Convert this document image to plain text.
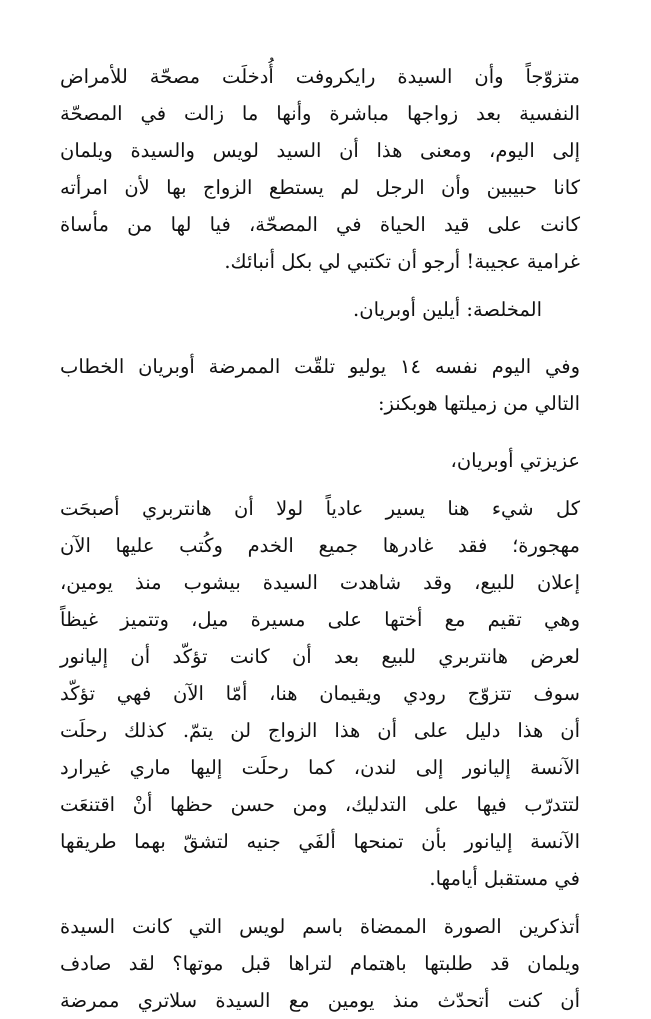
متزوّجاً وأن السيدة رايكروفت أُدخلَت مصحّة للأمراض

النفسية بعد زواجها مباشرة وأنها ما زالت في المصحّة

إلى اليوم، ومعنى هذا أن السيد لويس والسيدة ويلمان

كانا حبيبين وأن الرجل لم يستطع الزواج بها لأن امرأته

كانت على قيد الحياة في المصحّة، فيا لها من مأساة

غرامية عجيبة! أرجو أن تكتبي لي بكل أنبائك.

المخلصة: أيلين أوبريان.

وفي اليوم نفسه ١٤ يوليو تلقّت الممرضة أوبريان الخطاب

التالي من زميلتها هوبكنز:

عزيزتي أوبريان،

كل شيء هنا يسير عادياً لولا أن هانتربري أصبحَت

مهجورة؛ فقد غادرها جميع الخدم وكُتب عليها الآن

إعلان للبيع، وقد شاهدت السيدة بيشوب منذ يومين،

وهي تقيم مع أختها على مسيرة ميل، وتتميز غيظاً

لعرض هانتربري للبيع بعد أن كانت تؤكّد أن إليانور

سوف تتزوّج رودي ويقيمان هنا، أمّا الآن فهي تؤكّد

أن هذا دليل على أن هذا الزواج لن يتمّ. كذلك رحلَت

الآنسة إليانور إلى لندن، كما رحلَت إليها ماري غيرارد

لتتدرّب فيها على التدليك، ومن حسن حظها أنْ اقتنعَت

الآنسة إليانور بأن تمنحها ألفَي جنيه لتشقّ بهما طريقها

في مستقبل أيامها.

أتذكرين الصورة الممضاة باسم لويس التي كانت السيدة

ويلمان قد طلبتها باهتمام لتراها قبل موتها؟ لقد صادف

أن كنت أتحدّث منذ يومين مع السيدة سلاتري ممرضة
